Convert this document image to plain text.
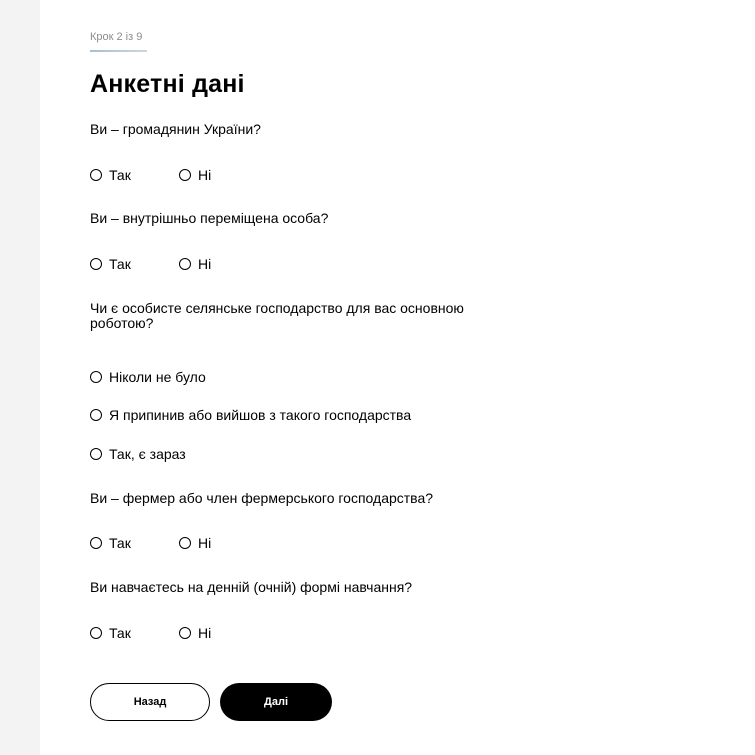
Крок 2 із 9
Анкетні дані

Ви – громадянин України?

Так	Ні

Ви – внутрішньо переміщена особа?

Так	Ні

Чи є особисте селянське господарство для вас основною роботою?

Ніколи не було
Я припинив або вийшов з такого господарства
Так, є зараз

Ви – фермер або член фермерського господарства?

Так	Ні

Ви навчаєтесь на денній (очній) формі навчання?

Так	Ні
Назад	Далі
